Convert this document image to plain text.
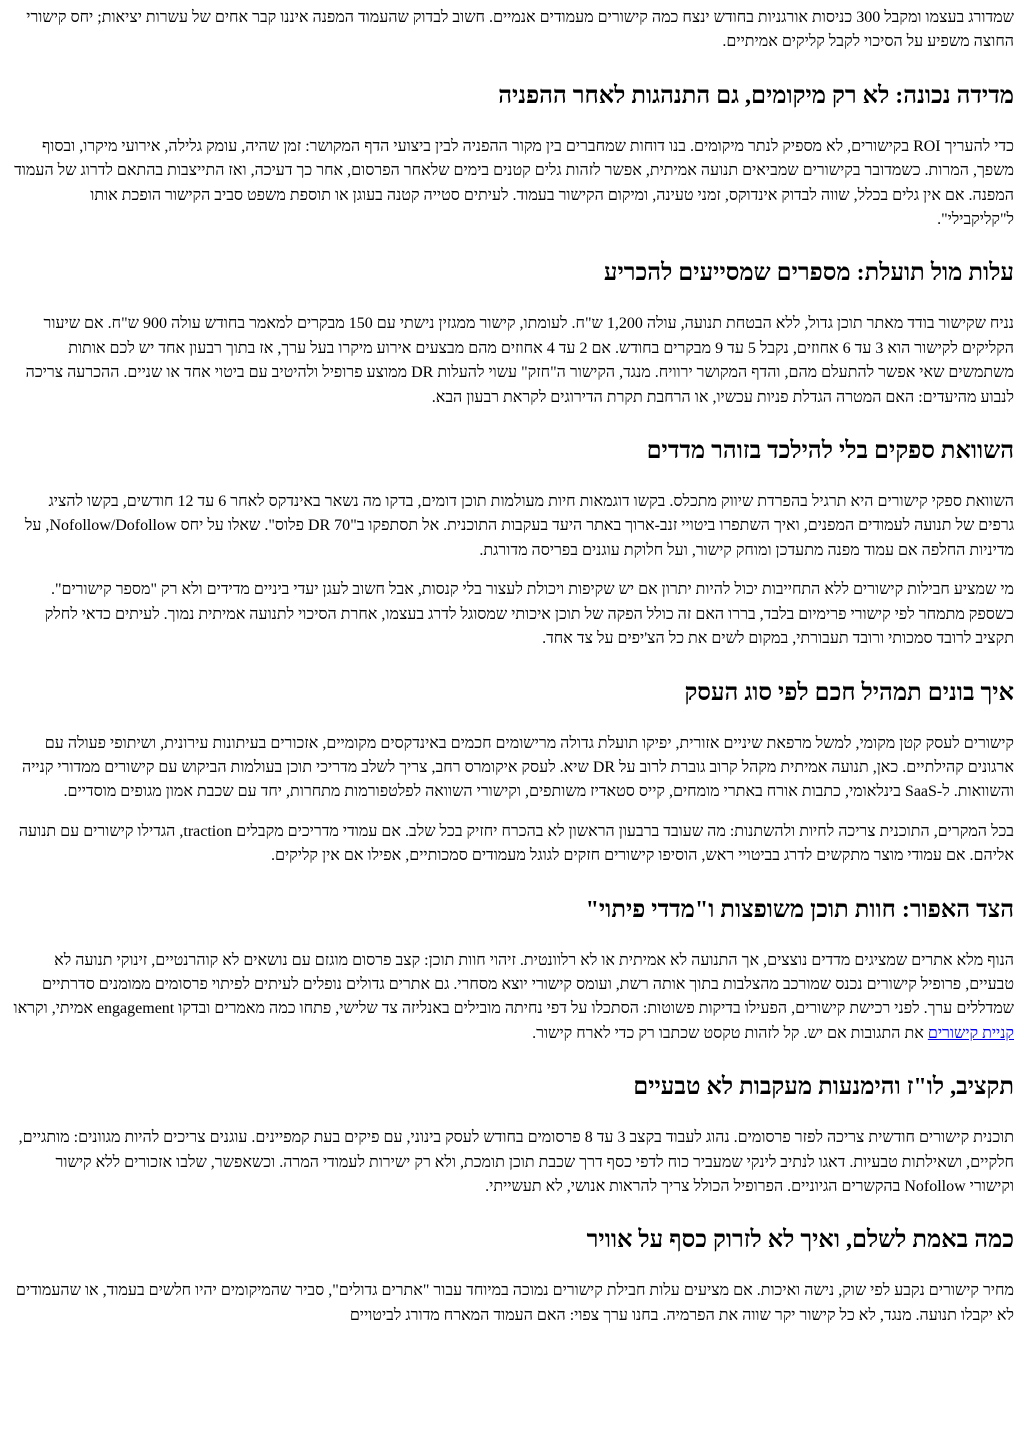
שמדורג בעצמו ומקבל 300 כניסות אורגניות בחודש ינצח כמה קישורים מעמודים אנמיים. חשוב לבדוק שהעמוד המפנה איננו קבר אחים של עשרות יציאות; יחס קישורי החוצה משפיע על הסיכוי לקבל קליקים אמיתיים.

מדידה נכונה: לא רק מיקומים, גם התנהגות לאחר ההפניה

כדי להעריך ROI בקישורים, לא מספיק לנתר מיקומים. בנו דוחות שמחברים בין מקור ההפניה לבין ביצועי הדף המקושר: זמן שהיה, עומק גלילה, אירועי מיקרו, ובסוף משפך, המרות. כשמדובר בקישורים שמביאים תנועה אמיתית, אפשר לזהות גלים קטנים בימים שלאחר הפרסום, אחר כך דעיכה, ואז התייצבות בהתאם לדרוג של העמוד המפנה. אם אין גלים בכלל, שווה לבדוק אינדוקס, זמני טעינה, ומיקום הקישור בעמוד. לעיתים סטייה קטנה בעוגן או תוספת משפט סביב הקישור הופכת אותו ל"קליקבילי".

עלות מול תועלת: מספרים שמסייעים להכריע

נניח שקישור בודד מאתר תוכן גדול, ללא הבטחת תנועה, עולה 1,200 ש"ח. לעומתו, קישור ממגזין נישתי עם 150 מבקרים למאמר בחודש עולה 900 ש"ח. אם שיעור הקליקים לקישור הוא 3 עד 6 אחוזים, נקבל 5 עד 9 מבקרים בחודש. אם 2 עד 4 אחוזים מהם מבצעים אירוע מיקרו בעל ערך, אז בתוך רבעון אחד יש לכם אותות משתמשים שאי אפשר להתעלם מהם, והדף המקושר ירוויח. מנגד, הקישור ה"חזק" עשוי להעלות DR ממוצע פרופיל ולהיטיב עם ביטוי אחד או שניים. ההכרעה צריכה לנבוע מהיעדים: האם המטרה הגדלת פניות עכשיו, או הרחבת תקרת הדירוגים לקראת רבעון הבא.

השוואת ספקים בלי להילכד בזוהר מדדים

השוואת ספקי קישורים היא תרגיל בהפרדת שיווק מתכלס. בקשו דוגמאות חיות מעולמות תוכן דומים, בדקו מה נשאר באינדקס לאחר 6 עד 12 חודשים, בקשו להציג גרפים של תנועה לעמודים המפנים, ואיך השתפרו ביטויי זנב-ארוך באתר היעד בעקבות התוכנית. אל תסתפקו ב"DR 70 פלוס". שאלו על יחס Nofollow/Dofollow, על מדיניות החלפה אם עמוד מפנה מתעדכן ומוחק קישור, ועל חלוקת עוגנים בפריסה מדורגת.

מי שמציע חבילות קישורים ללא התחייבות יכול להיות יתרון אם יש שקיפות ויכולת לעצור בלי קנסות, אבל חשוב לעגן יעדי ביניים מדידים ולא רק "מספר קישורים". כשספק מתמחר לפי קישורי פרימיום בלבד, בררו האם זה כולל הפקה של תוכן איכותי שמסוגל לדרג בעצמו, אחרת הסיכוי לתנועה אמיתית נמוך. לעיתים כדאי לחלק תקציב לרובד סמכותי ורובד תעבורתי, במקום לשים את כל הצ'יפים על צד אחד.

איך בונים תמהיל חכם לפי סוג העסק

קישורים לעסק קטן מקומי, למשל מרפאת שיניים אזורית, יפיקו תועלת גדולה מרישומים חכמים באינדקסים מקומיים, אזכורים בעיתונות עירונית, ושיתופי פעולה עם ארגונים קהילתיים. כאן, תנועה אמיתית מקהל קרוב גוברת לרוב על DR שיא. לעסק איקומרס רחב, צריך לשלב מדריכי תוכן בעולמות הביקוש עם קישורים ממדורי קנייה והשוואות. ל-SaaS בינלאומי, כתבות אורח באתרי מומחים, קייס סטאדיז משותפים, וקישורי השוואה לפלטפורמות מתחרות, יחד עם שכבת אמון מגופים מוסדיים.

בכל המקרים, התוכנית צריכה לחיות ולהשתנות: מה שעובד ברבעון הראשון לא בהכרח יחזיק בכל שלב. אם עמודי מדריכים מקבלים traction, הגדילו קישורים עם תנועה אליהם. אם עמודי מוצר מתקשים לדרג בביטויי ראש, הוסיפו קישורים חזקים לגוגל מעמודים סמכותיים, אפילו אם אין קליקים.

הצד האפור: חוות תוכן משופצות ו"מדדי פיתוי"

הנוף מלא אתרים שמציגים מדדים נוצצים, אך התנועה לא אמיתית או לא רלוונטית. זיהוי חוות תוכן: קצב פרסום מוגזם עם נושאים לא קוהרנטיים, זינוקי תנועה לא טבעיים, פרופיל קישורים נכנס שמורכב מהצלבות בתוך אותה רשת, ועומס קישורי יוצא מסחרי. גם אתרים גדולים נופלים לעיתים לפיתוי פרסומים ממומנים סדרתיים שמדללים ערך. לפני רכישת קישורים, הפעילו בדיקות פשוטות: הסתכלו על דפי נחיתה מובילים באנליזה צד שלישי, פתחו כמה מאמרים ובדקו engagement אמיתי, וקראו קניית קישורים את התגובות אם יש. קל לזהות טקסט שכתבו רק כדי לארח קישור.

תקציב, לו"ז והימנעות מעקבות לא טבעיים

תוכנית קישורים חודשית צריכה לפזר פרסומים. נהוג לעבוד בקצב 3 עד 8 פרסומים בחודש לעסק בינוני, עם פיקים בעת קמפיינים. עוגנים צריכים להיות מגוונים: מותגיים, חלקיים, ושאילתות טבעיות. דאגו לנתיב לינקי שמעביר כוח לדפי כסף דרך שכבת תוכן תומכת, ולא רק ישירות לעמודי המרה. וכשאפשר, שלבו אזכורים ללא קישור וקישורי Nofollow בהקשרים הגיוניים. הפרופיל הכולל צריך להראות אנושי, לא תעשייתי.

כמה באמת לשלם, ואיך לא לזרוק כסף על אוויר

מחיר קישורים נקבע לפי שוק, נישה ואיכות. אם מציעים עלות חבילת קישורים נמוכה במיוחד עבור "אתרים גדולים", סביר שהמיקומים יהיו חלשים בעמוד, או שהעמודים לא יקבלו תנועה. מנגד, לא כל קישור יקר שווה את הפרמיה. בחנו ערך צפוי: האם העמוד המארח מדורג לביטויים
